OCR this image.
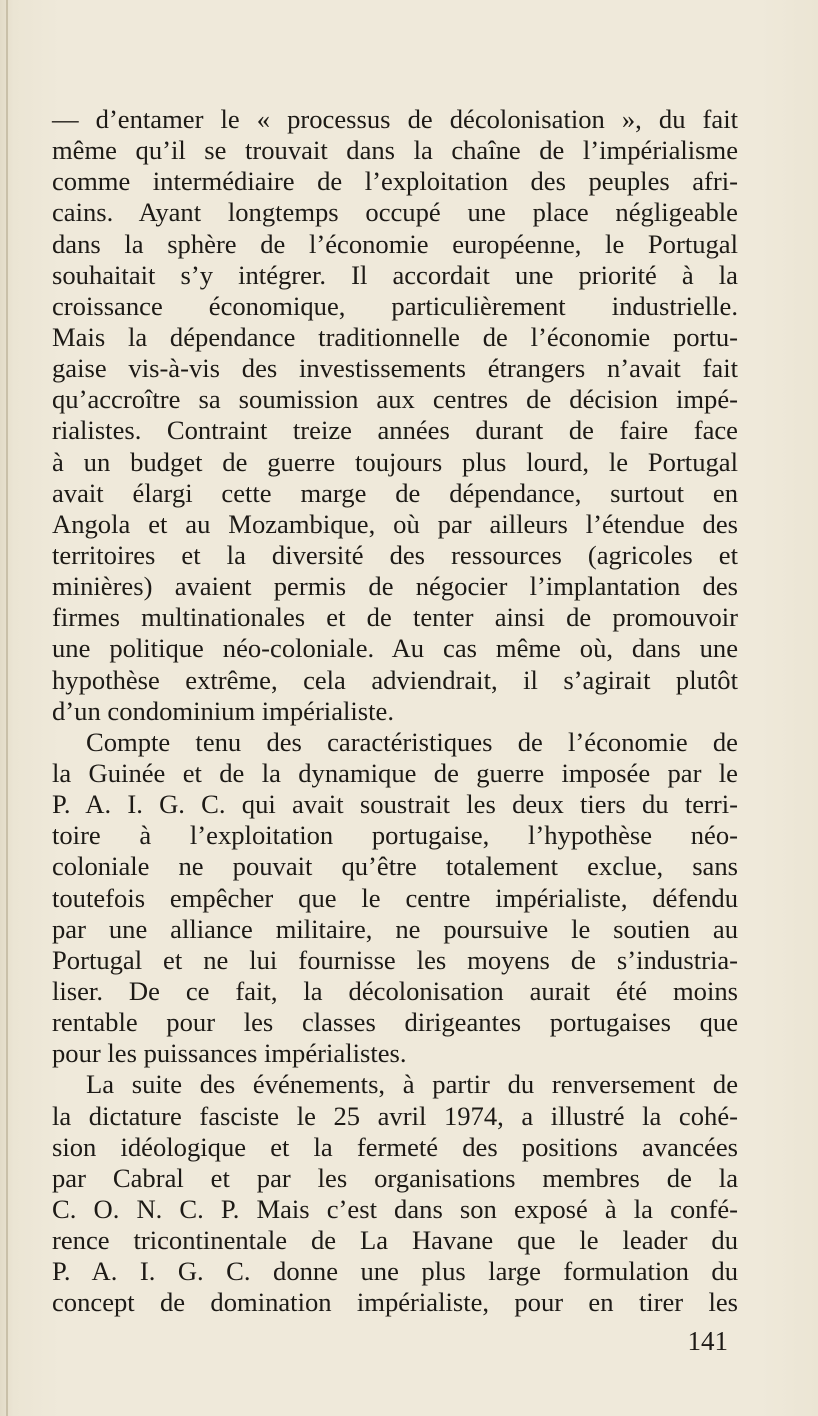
— d’entamer le « processus de décolonisation », du fait
même qu’il se trouvait dans la chaîne de l’impérialisme
comme intermédiaire de l’exploitation des peuples afri-
cains. Ayant longtemps occupé une place négligeable
dans la sphère de l’économie européenne, le Portugal
souhaitait s’y intégrer. Il accordait une priorité à la
croissance économique, particulièrement industrielle.
Mais la dépendance traditionnelle de l’économie portu-
gaise vis-à-vis des investissements étrangers n’avait fait
qu’accroître sa soumission aux centres de décision impé-
rialistes. Contraint treize années durant de faire face
à un budget de guerre toujours plus lourd, le Portugal
avait élargi cette marge de dépendance, surtout en
Angola et au Mozambique, où par ailleurs l’étendue des
territoires et la diversité des ressources (agricoles et
minières) avaient permis de négocier l’implantation des
firmes multinationales et de tenter ainsi de promouvoir
une politique néo-coloniale. Au cas même où, dans une
hypothèse extrême, cela adviendrait, il s’agirait plutôt
d’un condominium impérialiste.
Compte tenu des caractéristiques de l’économie de
la Guinée et de la dynamique de guerre imposée par le
P. A. I. G. C. qui avait soustrait les deux tiers du terri-
toire à l’exploitation portugaise, l’hypothèse néo-
coloniale ne pouvait qu’être totalement exclue, sans
toutefois empêcher que le centre impérialiste, défendu
par une alliance militaire, ne poursuive le soutien au
Portugal et ne lui fournisse les moyens de s’industria-
liser. De ce fait, la décolonisation aurait été moins
rentable pour les classes dirigeantes portugaises que
pour les puissances impérialistes.
La suite des événements, à partir du renversement de
la dictature fasciste le 25 avril 1974, a illustré la cohé-
sion idéologique et la fermeté des positions avancées
par Cabral et par les organisations membres de la
C. O. N. C. P. Mais c’est dans son exposé à la confé-
rence tricontinentale de La Havane que le leader du
P. A. I. G. C. donne une plus large formulation du
concept de domination impérialiste, pour en tirer les
141
